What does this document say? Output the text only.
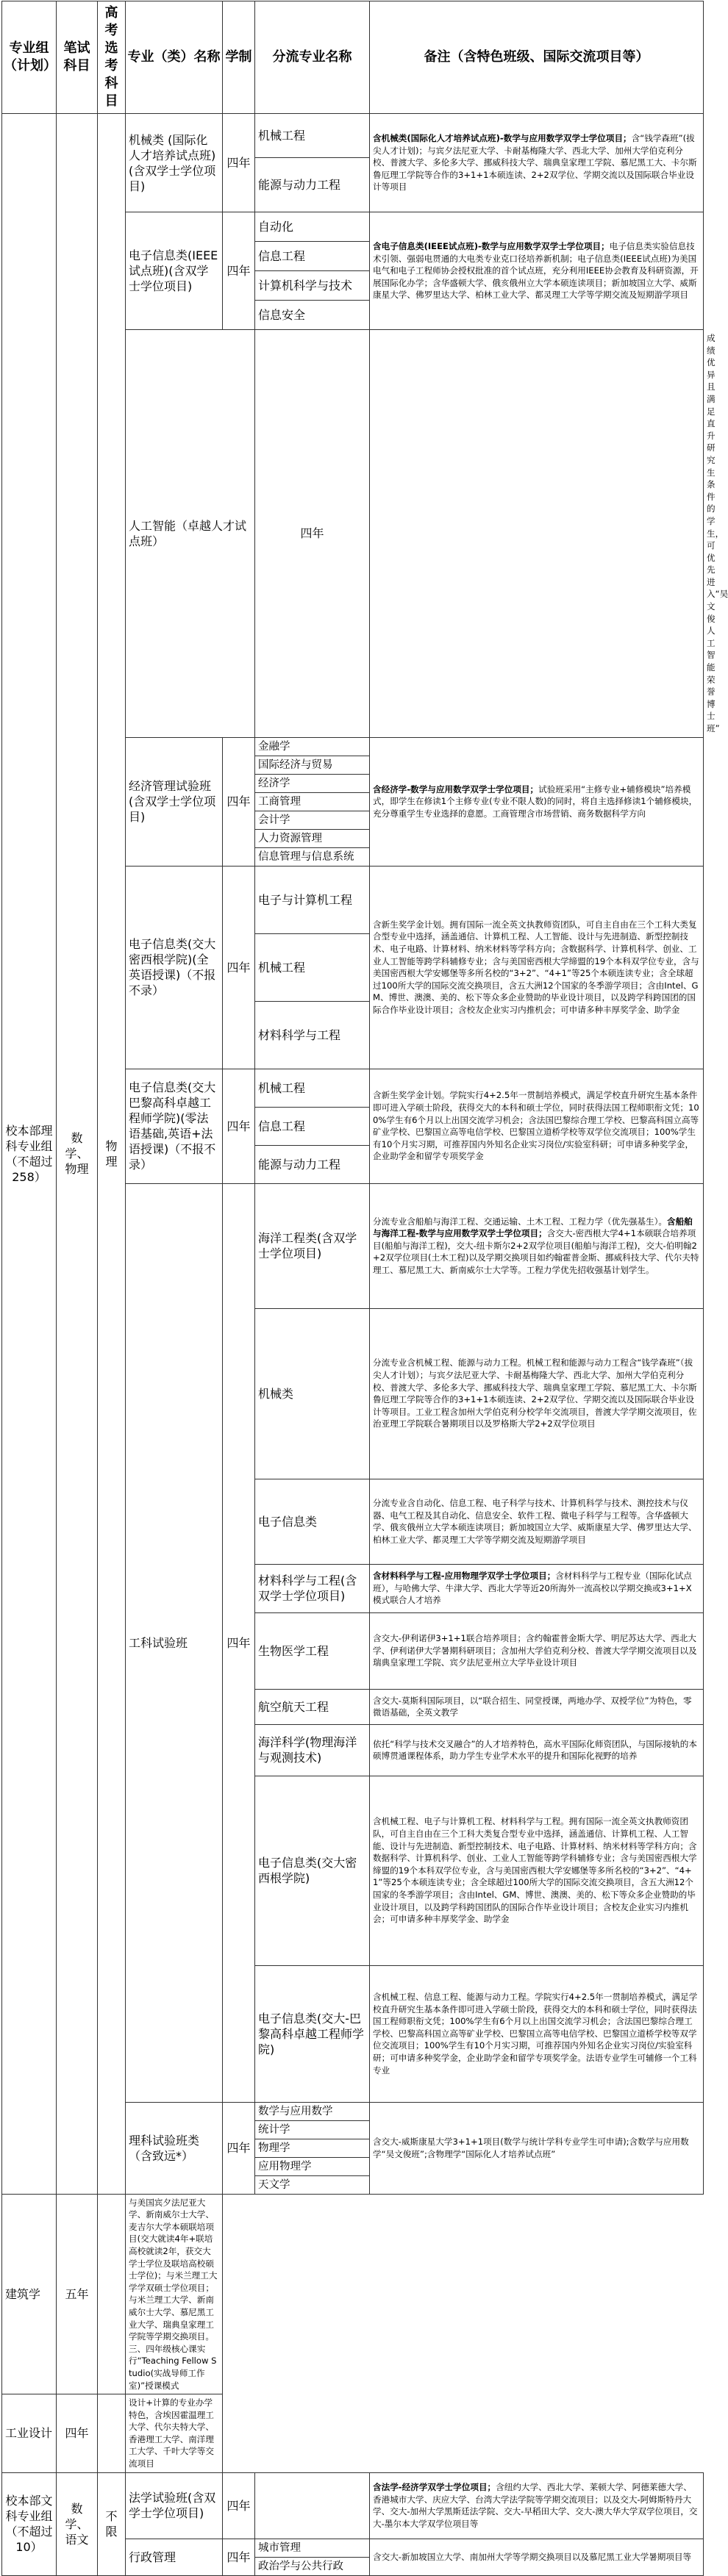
专业组（计划）	笔试科目	高考选考科目	专业（类）名称	学制	分流专业名称	备注（含特色班级、国际交流项目等）	
校本部理科专业组（不超过258）	数学、物理	物理	机械类 (国际化人才培养试点班)(含双学士学位项目)	四年	机械工程	含机械类(国际化人才培养试点班)-数学与应用数学双学士学位项目；含“钱学森班”(拔尖人才计划)；与宾夕法尼亚大学、卡耐基梅隆大学、西北大学、加州大学伯克利分校、普渡大学、多伦多大学、挪威科技大学、瑞典皇家理工学院、慕尼黑工大、卡尔斯鲁厄理工学院等合作的3+1+1本硕连读、2+2双学位、学期交流以及国际联合毕业设计等项目	
					能源与动力工程		
			电子信息类(IEEE试点班)(含双学士学位项目)	四年	自动化	含电子信息类(IEEE试点班)-数学与应用数学双学士学位项目；电子信息类实验信息技术引领、强弱电贯通的大电类专业克口径培养新机制；电子信息类(IEEE试点班)为美国电气和电子工程师协会授权批准的首个试点班，充分利用IEEE协会教育及科研资源，开展国际化办学；含华盛顿大学、俄亥俄州立大学本硕连读项目；新加坡国立大学、威斯康星大学、佛罗里达大学、柏林工业大学、都灵理工大学等学期交流及短期游学项目	
					信息工程		
					计算机科学与技术		
					信息安全		
			人工智能（卓越人才试点班）		四年		成绩优异且满足直升研究生条件的学生，可优先进入“吴文俊人工智能荣誉博士班”
			经济管理试验班(含双学士学位项目)	四年	金融学	含经济学-数学与应用数学双学士学位项目；试验班采用“主修专业+辅修模块”培养模式，即学生在修读1个主修专业(专业不限人数)的同时，将自主选择修读1个辅修模块，充分尊重学生专业选择的意愿。工商管理含市场营销、商务数据科学方向	
					国际经济与贸易		
					经济学		
					工商管理		
					会计学		
					人力资源管理		
					信息管理与信息系统		
			电子信息类(交大密西根学院)(全英语授课)（不报不录）	四年	电子与计算机工程	含新生奖学金计划。拥有国际一流全英文执教师资团队，可自主自由在三个工科大类复合型专业中选择，涵盖通信、计算机工程、人工智能、设计与先进制造、新型控制技术、电子电路、计算材料、纳米材料等学科方向；含数据科学、计算机科学、创业、工业人工智能等跨学科辅修专业；含与美国密西根大学缔盟的19个本科双学位专业，含与美国密西根大学安娜堡等多所名校的“3+2”、“4+1”等25个本硕连读专业；含全球超过100所大学的国际交流交换项目，含五大洲12个国家的冬季游学项目；含由Intel、GM、博世、澳澳、美的、松下等众多企业赞助的毕业设计项目，以及跨学科跨国团的国际合作毕业设计项目；含校友企业实习内推机会；可申请多种丰厚奖学金、助学金	
					机械工程		
					材料科学与工程		
			电子信息类(交大巴黎高科卓越工程师学院)(零法语基础,英语+法语授课)（不报不录）	四年	机械工程	含新生奖学金计划。学院实行4+2.5年一贯制培养模式，满足学校直升研究生基本条件即可进入学硕士阶段，获得交大的本科和硕士学位，同时获得法国工程师职衔文凭；100%学生有6个月以上出国交流学习机会；含法国巴黎综合理工学校、巴黎高科国立高等矿业学校、巴黎国立高等电信学校、巴黎国立道桥学校等双学位交流项目；100%学生有10个月实习期，可推荐国内外知名企业实习岗位/实验室科研；可申请多种奖学金，企业助学金和留学专项奖学金	
					信息工程		
					能源与动力工程		
			工科试验班	四年	海洋工程类(含双学士学位项目)	分流专业含船舶与海洋工程、交通运输、土木工程、工程力学（优先强基生）。含船舶与海洋工程-数学与应用数学双学士学位项目；含交大-密西根大学4+1本硕联合培养项目(船舶与海洋工程)，交大-纽卡斯尔2+2双学位项目(船舶与海洋工程)，交大-伯明翰2+2双学位项目(土木工程)以及学期交换项目如约翰霍普金斯、挪威科技大学、代尔夫特理工、慕尼黑工大、新南威尔士大学等。工程力学优先招收强基计划学生。	
					机械类	分流专业含机械工程、能源与动力工程。机械工程和能源与动力工程含“钱学森班”（拔尖人才计划）；与宾夕法尼亚大学、卡耐基梅隆大学、西北大学、加州大学伯克利分校、普渡大学、多伦多大学、挪威科技大学、瑞典皇家理工学院、慕尼黑工大、卡尔斯鲁厄理工学院等合作的3+1+1本硕连读、2+2双学位、学期交流以及国际联合毕业设计等项目。工业工程含加州大学伯克利分校学年交流项目，普渡大学学期交流项目，佐治亚理工学院联合暑期项目以及罗格斯大学2+2双学位项目	
					电子信息类	分流专业含自动化、信息工程、电子科学与技术、计算机科学与技术、测控技术与仪器、电气工程及其自动化、信息安全、软件工程、微电子科学与工程等。含华盛顿大学、俄亥俄州立大学本硕连读项目；新加坡国立大学、威斯康星大学、佛罗里达大学、柏林工业大学、都灵理工大学等学期交流及短期游学项目	
					材料科学与工程(含双学士学位项目)	含材料科学与工程-应用物理学双学士学位项目；含材料科学与工程专业（国际化试点班），与哈佛大学、牛津大学、西北大学等近20所海外一流高校以学期交换或3+1+X模式联合人才培养	
					生物医学工程	含交大-伊利诺伊3+1+1联合培养项目；含约翰霍普金斯大学、明尼苏达大学、西北大学、伊利诺伊大学暑期科研项目；含加州大学伯克利分校、普渡大学学期交流项目以及瑞典皇家理工学院、宾夕法尼亚州立大学毕业设计项目	
					航空航天工程	含交大-莫斯科国际项目，以“联合招生、同堂授课，两地办学、双授学位”为特色，零微语基础，全英文教学	
					海洋科学(物理海洋与观测技术)	依托“科学与技术交叉融合”的人才培养特色，高水平国际化师资团队，与国际接轨的本硕博贯通课程体系，助力学生专业学术水平的提升和国际化视野的培养	
					电子信息类(交大密西根学院)	含机械工程、电子与计算机工程、材料科学与工程。拥有国际一流全英文执教师资团队，可自主自由在三个工科大类复合型专业中选择，涵盖通信、计算机工程、人工智能、设计与先进制造、新型控制技术、电子电路、计算材料、纳米材料等学科方向；含数据科学、计算机科学、创业、工业人工智能等跨学科辅修专业；含与美国密西根大学缔盟的19个本科双学位专业，含与美国密西根大学安娜堡等多所名校的“3+2”、“4+1”等25个本硕连读专业；含全球超过100所大学的国际交流交换项目，含五大洲12个国家的冬季游学项目；含由Intel、GM、博世、澳澳、美的、松下等众多企业赞助的毕业设计项目，以及跨学科跨国团队的国际合作毕业设计项目；含校友企业实习内推机会；可申请多种丰厚奖学金、助学金	
					电子信息类(交大-巴黎高科卓越工程师学院)	含机械工程、信息工程、能源与动力工程。学院实行4+2.5年一贯制培养模式，满足学校直升研究生基本条件即可进入学硕士阶段，获得交大的本科和硕士学位，同时获得法国工程师职衔文凭；100%学生有6个月以上出国交流学习机会；含法国巴黎综合理工学校、巴黎高科国立高等矿业学校、巴黎国立高等电信学校、巴黎国立道桥学校等双学位交流项目；100%学生有10个月实习期，可推荐国内外知名企业实习岗位/实验室科研；可申请多种奖学金，企业助学金和留学专项奖学金。法语专业学生可辅修一个工科专业	
			理科试验班类（含致远*）	四年	数学与应用数学	含交大-威斯康星大学3+1+1项目(数学与统计学科专业学生可申请);含数学与应用数学“吴文俊班”;含物理学“国际化人才培养试点班”	
					统计学		
					物理学		
					应用物理学		
					天文学		
建筑学	五年		与美国宾夕法尼亚大学、新南威尔士大学、麦吉尔大学本硕联培项目(交大就读4年+联培高校就读2年，获交大学士学位及联培高校硕士学位)；与米兰理工大学学双硕士学位项目；与米兰理工大学、新南威尔士大学、慕尼黑工业大学、瑞典皇家理工学院等学期交换项目。三、四年级核心课实行“Teaching Fellow Studio(实战导师工作室)”授课模式				
工业设计	四年		设计+计算的专业办学特色，含埃因霍温理工大学、代尔夫特大学、香港理工大学、南洋理工大学、千叶大学等交流项目				
校本部文科专业组（不超过10）	数学、语文	不限	法学试验班(含双学士学位项目)	四年		含法学-经济学双学士学位项目；含纽约大学、西北大学、莱顿大学、阿德莱德大学、香港城市大学、庆应大学、台湾大学法学院等学期交流项目；以及交大-阿姆斯特丹大学、交大-加州大学黑斯廷法学院、交大-早稻田大学、交大-澳大华大学双学位项目，交大-墨尔本大学双学位项目等	
			行政管理	四年	城市管理	含交大-新加坡国立大学、南加州大学等学期交换项目以及慕尼黑工业大学暑期项目等	
					政治学与公共行政		
